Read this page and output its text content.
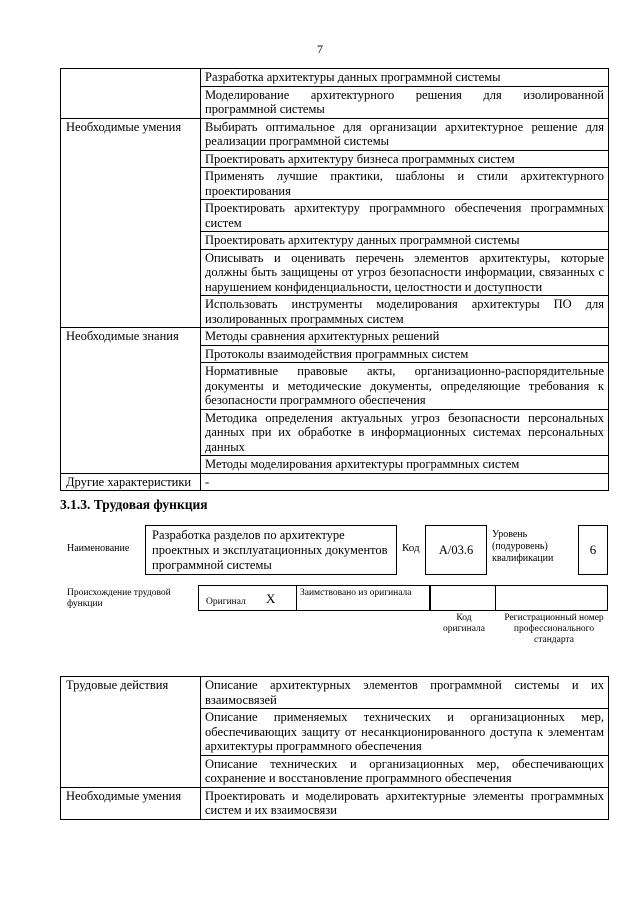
7
	Разработка архитектуры данных программной системы
	Моделирование архитектурного решения для изолированной программной системы
Необходимые умения	Выбирать оптимальное для организации архитектурное решение для реализации программной системы
	Проектировать архитектуру бизнеса программных систем
	Применять лучшие практики, шаблоны и стили архитектурного проектирования
	Проектировать архитектуру программного обеспечения программных систем
	Проектировать архитектуру данных программной системы
	Описывать и оценивать перечень элементов архитектуры, которые должны быть защищены от угроз безопасности информации, связанных с нарушением конфиденциальности, целостности и доступности
	Использовать инструменты моделирования архитектуры ПО для изолированных программных систем
Необходимые знания	Методы сравнения архитектурных решений
	Протоколы взаимодействия программных систем
	Нормативные правовые акты, организационно-распорядительные документы и методические документы, определяющие требования к безопасности программного обеспечения
	Методика определения актуальных угроз безопасности персональных данных при их обработке в информационных системах персональных данных
	Методы моделирования архитектуры программных систем
Другие характеристики	-
3.1.3. Трудовая функция
Наименование
Разработка разделов по архитектуре проектных и эксплуатационных документов программной системы
Код A/03.6
Уровень (подуровень) квалификации
6
Происхождение трудовой функции	Оригинал X	Заимствовано из оригинала
Код оригинала
Регистрационный номер профессионального стандарта
Трудовые действия	Описание архитектурных элементов программной системы и их взаимосвязей
	Описание применяемых технических и организационных мер, обеспечивающих защиту от несанкционированного доступа к элементам архитектуры программного обеспечения
	Описание технических и организационных мер, обеспечивающих сохранение и восстановление программного обеспечения
Необходимые умения	Проектировать и моделировать архитектурные элементы программных систем и их взаимосвязи
